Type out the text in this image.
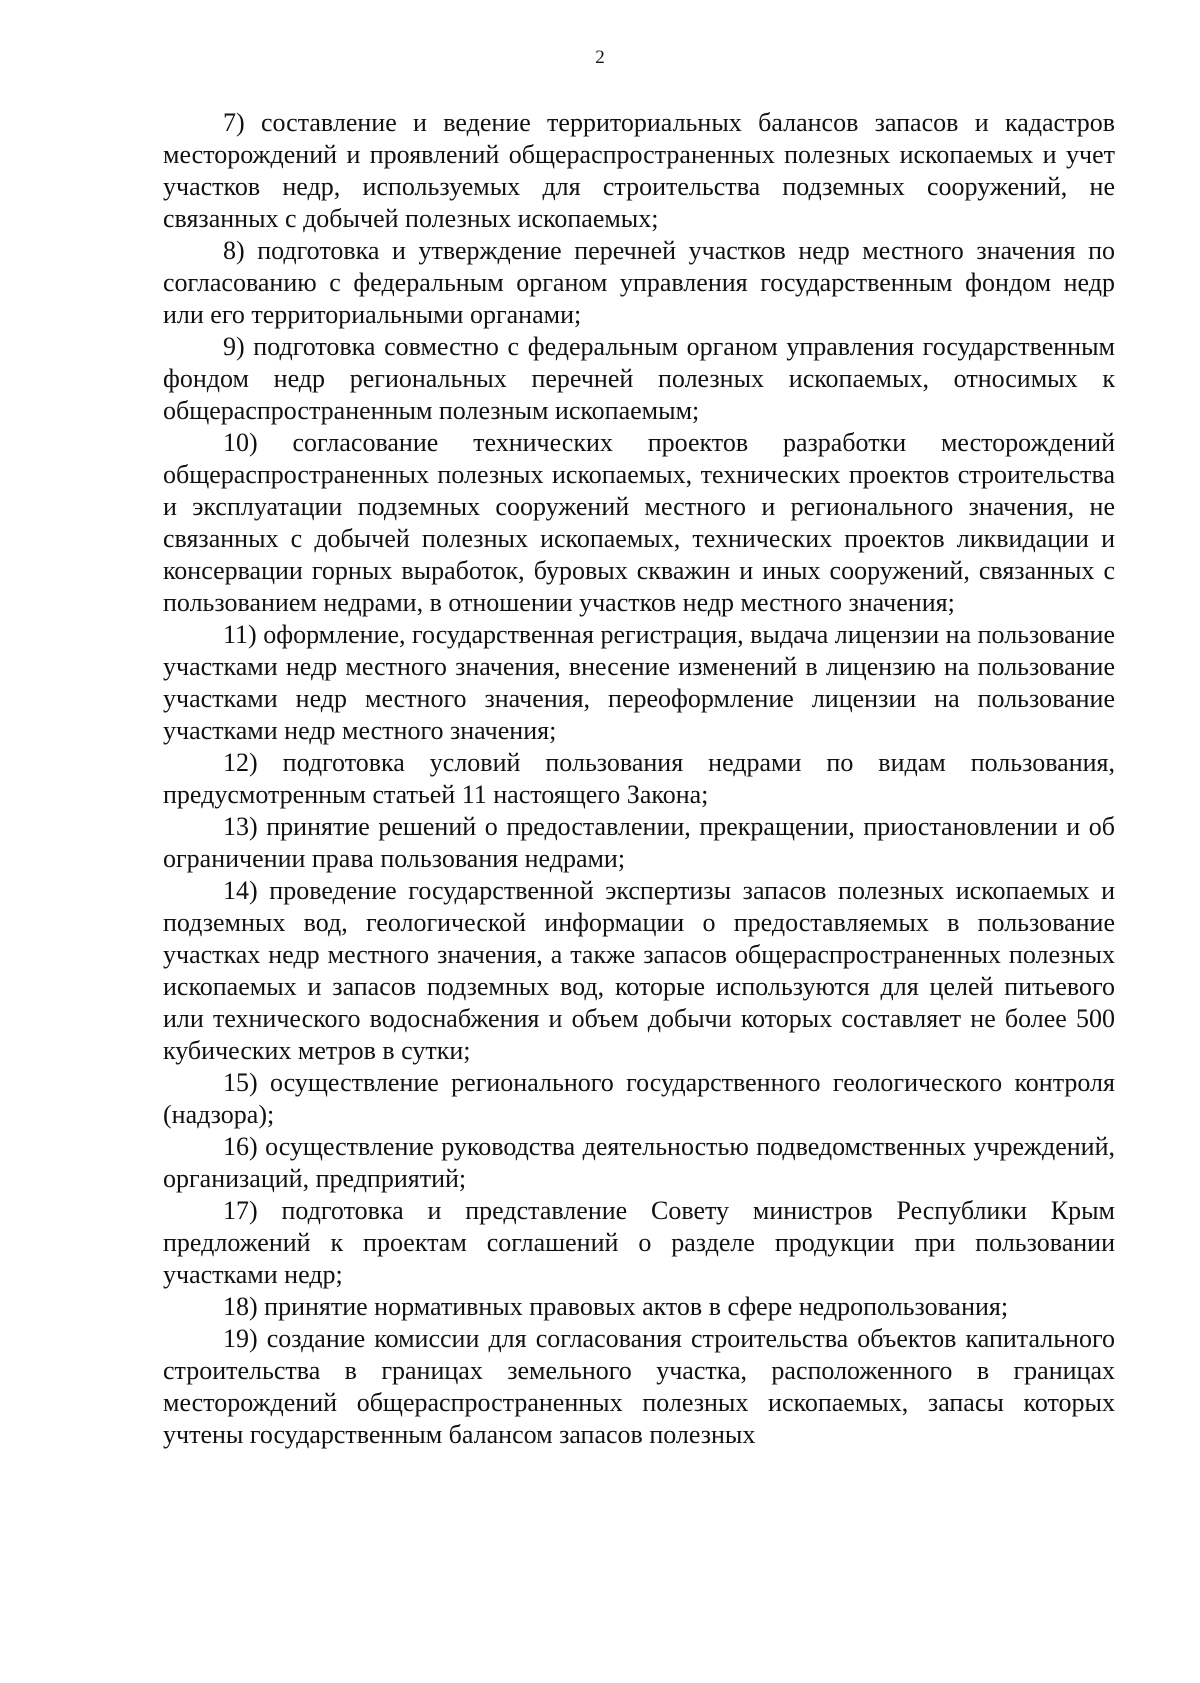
2

7) составление и ведение территориальных балансов запасов и кадастров месторождений и проявлений общераспространенных полезных ископаемых и учет участков недр, используемых для строительства подземных сооружений, не связанных с добычей полезных ископаемых;

8) подготовка и утверждение перечней участков недр местного значения по согласованию с федеральным органом управления государственным фондом недр или его территориальными органами;

9) подготовка совместно с федеральным органом управления государственным фондом недр региональных перечней полезных ископаемых, относимых к общераспространенным полезным ископаемым;

10) согласование технических проектов разработки месторождений общераспространенных полезных ископаемых, технических проектов строительства и эксплуатации подземных сооружений местного и регионального значения, не связанных с добычей полезных ископаемых, технических проектов ликвидации и консервации горных выработок, буровых скважин и иных сооружений, связанных с пользованием недрами, в отношении участков недр местного значения;

11) оформление, государственная регистрация, выдача лицензии на пользование участками недр местного значения, внесение изменений в лицензию на пользование участками недр местного значения, переоформление лицензии на пользование участками недр местного значения;

12) подготовка условий пользования недрами по видам пользования, предусмотренным статьей 11 настоящего Закона;

13) принятие решений о предоставлении, прекращении, приостановлении и об ограничении права пользования недрами;

14) проведение государственной экспертизы запасов полезных ископаемых и подземных вод, геологической информации о предоставляемых в пользование участках недр местного значения, а также запасов общераспространенных полезных ископаемых и запасов подземных вод, которые используются для целей питьевого или технического водоснабжения и объем добычи которых составляет не более 500 кубических метров в сутки;

15) осуществление регионального государственного геологического контроля (надзора);

16) осуществление руководства деятельностью подведомственных учреждений, организаций, предприятий;

17) подготовка и представление Совету министров Республики Крым предложений к проектам соглашений о разделе продукции при пользовании участками недр;

18) принятие нормативных правовых актов в сфере недропользования;

19) создание комиссии для согласования строительства объектов капитального строительства в границах земельного участка, расположенного в границах месторождений общераспространенных полезных ископаемых, запасы которых учтены государственным балансом запасов полезных
